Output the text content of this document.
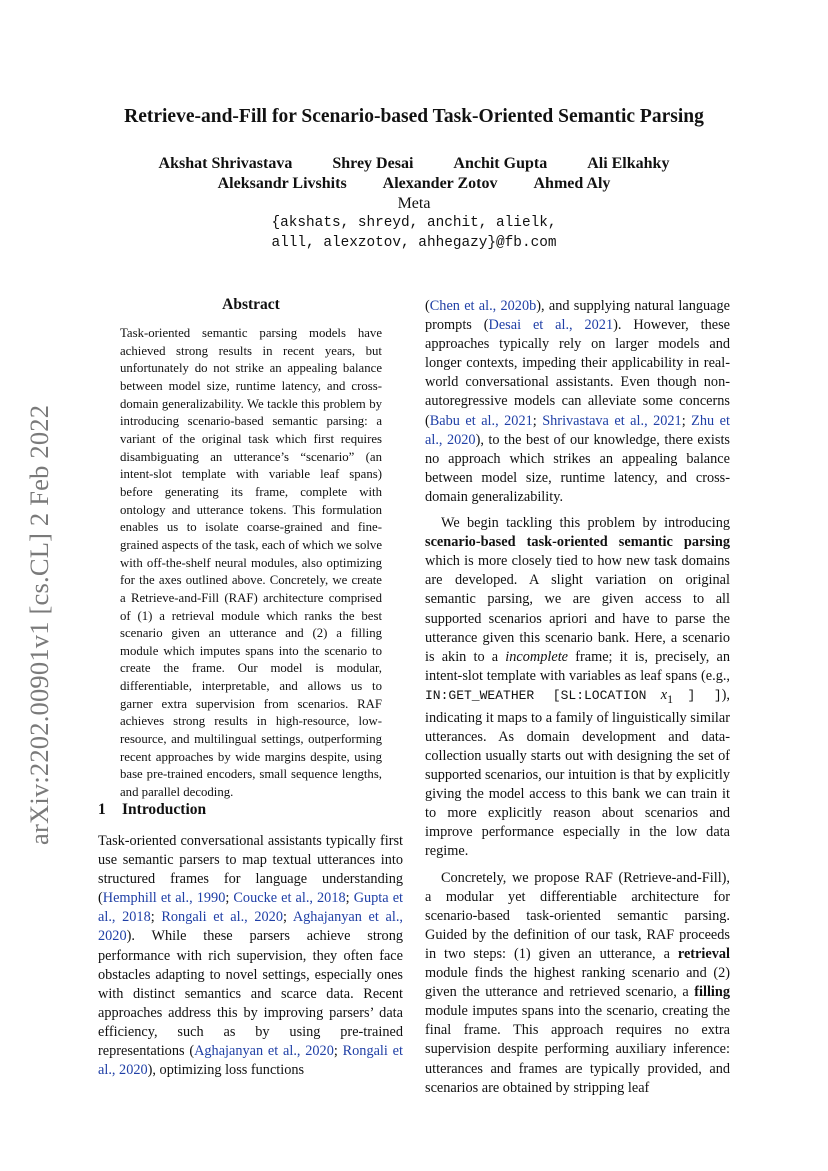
arXiv:2202.00901v1 [cs.CL] 2 Feb 2022
Retrieve-and-Fill for Scenario-based Task-Oriented Semantic Parsing
Akshat Shrivastava	Shrey Desai	Anchit Gupta	Ali Elkahky
Aleksandr Livshits Alexander Zotov Ahmed Aly
Meta
{akshats, shreyd, anchit, alielk,
alll, alexzotov, ahhegazy}@fb.com
Abstract

Task-oriented semantic parsing models have achieved strong results in recent years, but unfortunately do not strike an appealing balance between model size, runtime latency, and cross-domain generalizability. We tackle this problem by introducing scenario-based semantic parsing: a variant of the original task which first requires disambiguating an utterance’s “scenario” (an intent-slot template with variable leaf spans) before generating its frame, complete with ontology and utterance tokens. This formulation enables us to isolate coarse-grained and fine-grained aspects of the task, each of which we solve with off-the-shelf neural modules, also optimizing for the axes outlined above. Concretely, we create a Retrieve-and-Fill (RAF) architecture comprised of (1) a retrieval module which ranks the best scenario given an utterance and (2) a filling module which imputes spans into the scenario to create the frame. Our model is modular, differentiable, interpretable, and allows us to garner extra supervision from scenarios. RAF achieves strong results in high-resource, low-resource, and multilingual settings, outperforming recent approaches by wide margins despite, using base pre-trained encoders, small sequence lengths, and parallel decoding.

1 Introduction

Task-oriented conversational assistants typically first use semantic parsers to map textual utterances into structured frames for language understanding (Hemphill et al., 1990; Coucke et al., 2018; Gupta et al., 2018; Rongali et al., 2020; Aghajanyan et al., 2020). While these parsers achieve strong performance with rich supervision, they often face obstacles adapting to novel settings, especially ones with distinct semantics and scarce data. Recent approaches address this by improving parsers’ data efficiency, such as by using pre-trained representations (Aghajanyan et al., 2020; Rongali et al., 2020), optimizing loss functions

(Chen et al., 2020b), and supplying natural language prompts (Desai et al., 2021). However, these approaches typically rely on larger models and longer contexts, impeding their applicability in real-world conversational assistants. Even though non-autoregressive models can alleviate some concerns (Babu et al., 2021; Shrivastava et al., 2021; Zhu et al., 2020), to the best of our knowledge, there exists no approach which strikes an appealing balance between model size, runtime latency, and cross-domain generalizability.

We begin tackling this problem by introducing scenario-based task-oriented semantic parsing which is more closely tied to how new task domains are developed. A slight variation on original semantic parsing, we are given access to all supported scenarios apriori and have to parse the utterance given this scenario bank. Here, a scenario is akin to a incomplete frame; it is, precisely, an intent-slot template with variables as leaf spans (e.g., IN:GET_WEATHER [SL:LOCATION $x_1$ ] ]), indicating it maps to a family of linguistically similar utterances. As domain development and data-collection usually starts out with designing the set of supported scenarios, our intuition is that by explicitly giving the model access to this bank we can train it to more explicitly reason about scenarios and improve performance especially in the low data regime.

Concretely, we propose RAF (Retrieve-and-Fill), a modular yet differentiable architecture for scenario-based task-oriented semantic parsing. Guided by the definition of our task, RAF proceeds in two steps: (1) given an utterance, a retrieval module finds the highest ranking scenario and (2) given the utterance and retrieved scenario, a filling module imputes spans into the scenario, creating the final frame. This approach requires no extra supervision despite performing auxiliary inference: utterances and frames are typically provided, and scenarios are obtained by stripping leaf
